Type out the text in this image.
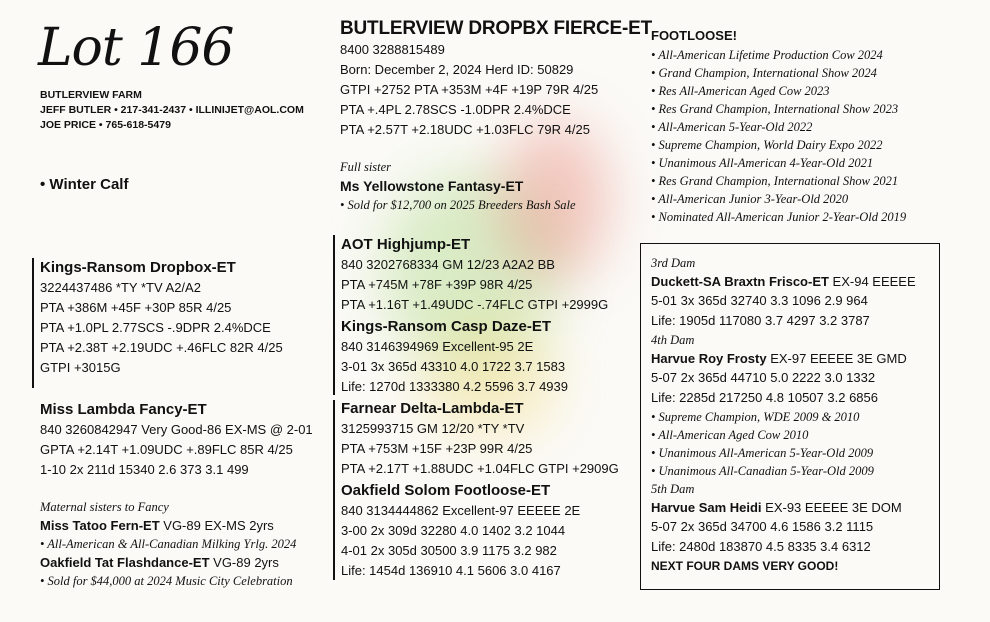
Lot 166
BUTLERVIEW FARM
JEFF BUTLER • 217-341-2437 • ILLINIJET@AOL.COM
JOE PRICE • 765-618-5479
• Winter Calf
Kings-Ransom Dropbox-ET
3224437486 *TY *TV A2/A2
PTA +386M +45F +30P 85R 4/25
PTA +1.0PL 2.77SCS -.9DPR 2.4%DCE
PTA +2.38T +2.19UDC +.46FLC 82R 4/25
GTPI +3015G
Miss Lambda Fancy-ET
840 3260842947 Very Good-86 EX-MS @ 2-01
GPTA +2.14T +1.09UDC +.89FLC 85R 4/25
1-10 2x 211d 15340 2.6 373 3.1 499
Maternal sisters to Fancy
Miss Tatoo Fern-ET VG-89 EX-MS 2yrs
• All-American & All-Canadian Milking Yrlg. 2024
Oakfield Tat Flashdance-ET VG-89 2yrs
• Sold for $44,000 at 2024 Music City Celebration
BUTLERVIEW DROPBX FIERCE-ET
8400 3288815489
Born: December 2, 2024 Herd ID: 50829
GTPI +2752 PTA +353M +4F +19P 79R 4/25
PTA +.4PL 2.78SCS -1.0DPR 2.4%DCE
PTA +2.57T +2.18UDC +1.03FLC 79R 4/25
Full sister
Ms Yellowstone Fantasy-ET
• Sold for $12,700 on 2025 Breeders Bash Sale
AOT Highjump-ET
840 3202768334 GM 12/23 A2A2 BB
PTA +745M +78F +39P 98R 4/25
PTA +1.16T +1.49UDC -.74FLC GTPI +2999G
Kings-Ransom Casp Daze-ET
840 3146394969 Excellent-95 2E
3-01 3x 365d 43310 4.0 1722 3.7 1583
Life: 1270d 1333380 4.2 5596 3.7 4939
Farnear Delta-Lambda-ET
3125993715 GM 12/20 *TY *TV
PTA +753M +15F +23P 99R 4/25
PTA +2.17T +1.88UDC +1.04FLC GTPI +2909G
Oakfield Solom Footloose-ET
840 3134444862 Excellent-97 EEEEE 2E
3-00 2x 309d 32280 4.0 1402 3.2 1044
4-01 2x 305d 30500 3.9 1175 3.2 982
Life: 1454d 136910 4.1 5606 3.0 4167
FOOTLOOSE!
• All-American Lifetime Production Cow 2024
• Grand Champion, International Show 2024
• Res All-American Aged Cow 2023
• Res Grand Champion, International Show 2023
• All-American 5-Year-Old 2022
• Supreme Champion, World Dairy Expo 2022
• Unanimous All-American 4-Year-Old 2021
• Res Grand Champion, International Show 2021
• All-American Junior 3-Year-Old 2020
• Nominated All-American Junior 2-Year-Old 2019
3rd Dam
Duckett-SA Braxtn Frisco-ET EX-94 EEEEE
5-01 3x 365d 32740 3.3 1096 2.9 964
Life: 1905d 117080 3.7 4297 3.2 3787
4th Dam
Harvue Roy Frosty EX-97 EEEEE 3E GMD
5-07 2x 365d 44710 5.0 2222 3.0 1332
Life: 2285d 217250 4.8 10507 3.2 6856
• Supreme Champion, WDE 2009 & 2010
• All-American Aged Cow 2010
• Unanimous All-American 5-Year-Old 2009
• Unanimous All-Canadian 5-Year-Old 2009
5th Dam
Harvue Sam Heidi EX-93 EEEEE 3E DOM
5-07 2x 365d 34700 4.6 1586 3.2 1115
Life: 2480d 183870 4.5 8335 3.4 6312
NEXT FOUR DAMS VERY GOOD!
